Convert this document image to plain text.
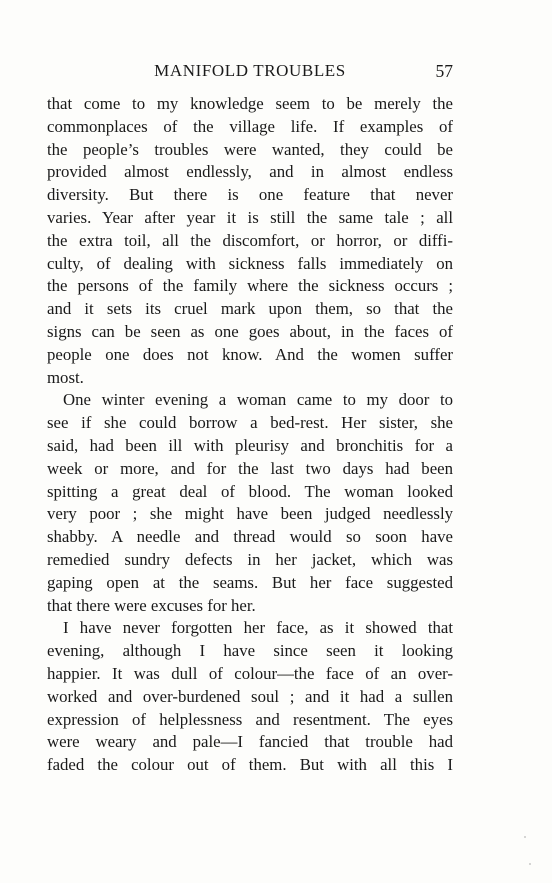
MANIFOLD TROUBLES	57
that come to my knowledge seem to be merely the
commonplaces of the village life. If examples of
the people’s troubles were wanted, they could be
provided almost endlessly, and in almost endless
diversity. But there is one feature that never
varies. Year after year it is still the same tale ; all
the extra toil, all the discomfort, or horror, or diffi-
culty, of dealing with sickness falls immediately on
the persons of the family where the sickness occurs ;
and it sets its cruel mark upon them, so that the
signs can be seen as one goes about, in the faces of
people one does not know. And the women suffer
most.
One winter evening a woman came to my door to
see if she could borrow a bed-rest. Her sister, she
said, had been ill with pleurisy and bronchitis for a
week or more, and for the last two days had been
spitting a great deal of blood. The woman looked
very poor ; she might have been judged needlessly
shabby. A needle and thread would so soon have
remedied sundry defects in her jacket, which was
gaping open at the seams. But her face suggested
that there were excuses for her.
I have never forgotten her face, as it showed that
evening, although I have since seen it looking
happier. It was dull of colour—the face of an over-
worked and over-burdened soul ; and it had a sullen
expression of helplessness and resentment. The eyes
were weary and pale—I fancied that trouble had
faded the colour out of them. But with all this I
